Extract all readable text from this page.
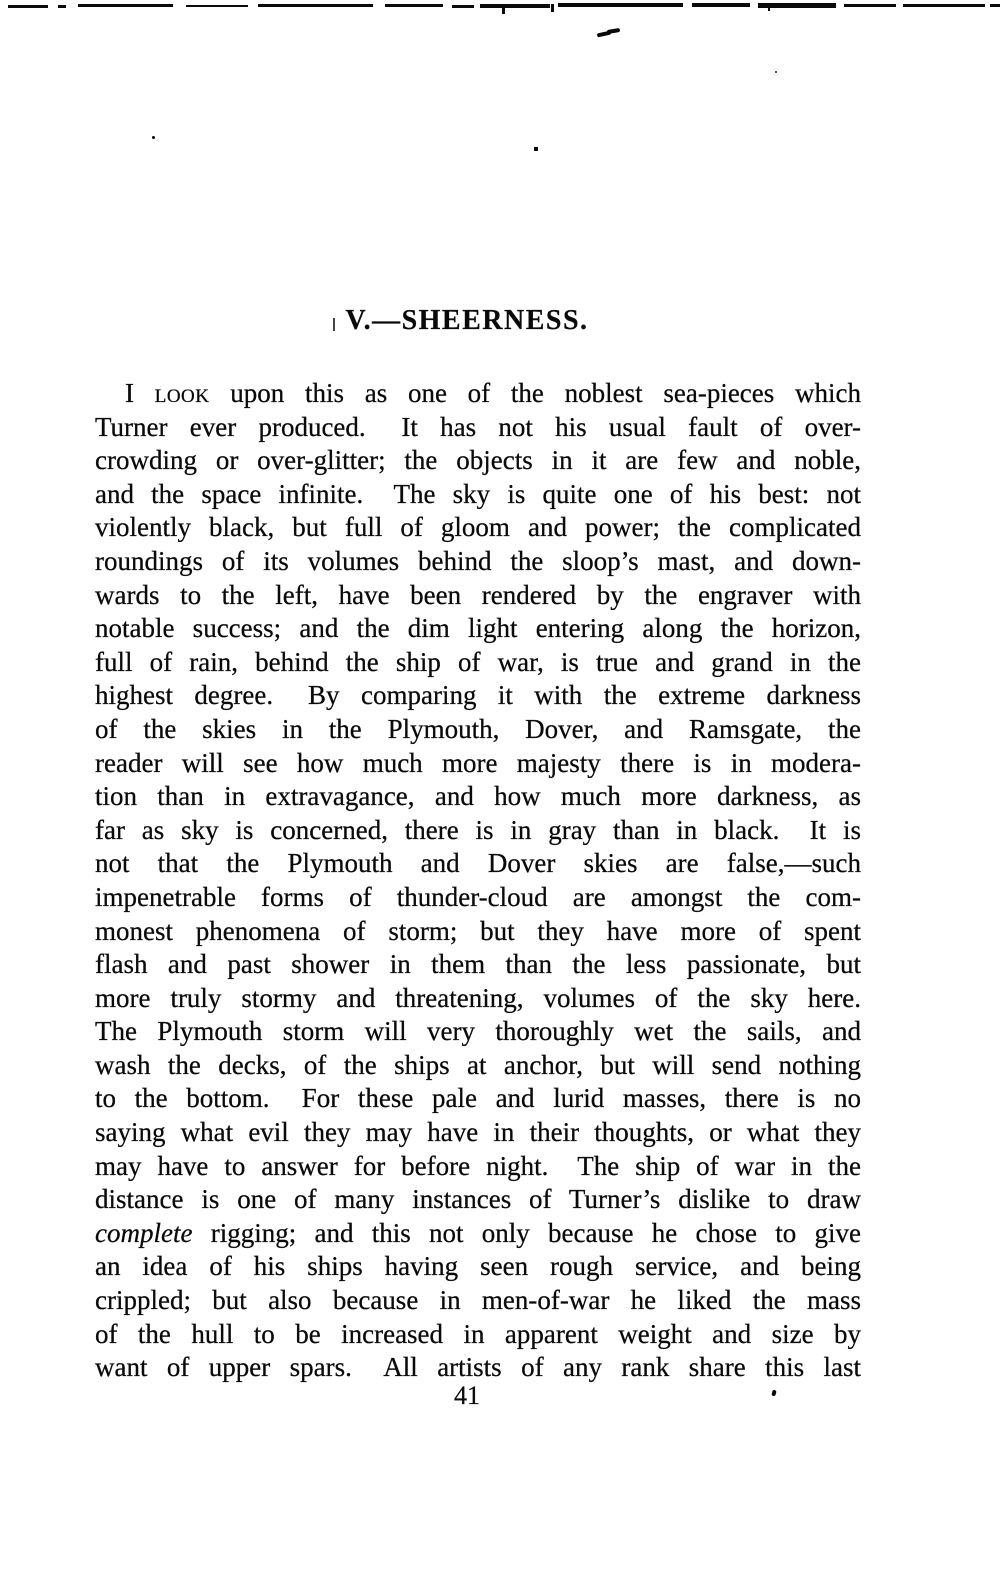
V.—SHEERNESS.
I look upon this as one of the noblest sea-pieces which
Turner ever produced.  It has not his usual fault of over-
crowding or over-glitter; the objects in it are few and noble,
and the space infinite.  The sky is quite one of his best: not
violently black, but full of gloom and power; the complicated
roundings of its volumes behind the sloop’s mast, and down-
wards to the left, have been rendered by the engraver with
notable success; and the dim light entering along the horizon,
full of rain, behind the ship of war, is true and grand in the
highest degree.  By comparing it with the extreme darkness
of the skies in the Plymouth, Dover, and Ramsgate, the
reader will see how much more majesty there is in modera-
tion than in extravagance, and how much more darkness, as
far as sky is concerned, there is in gray than in black.  It is
not that the Plymouth and Dover skies are false,—such
impenetrable forms of thunder-cloud are amongst the com-
monest phenomena of storm; but they have more of spent
flash and past shower in them than the less passionate, but
more truly stormy and threatening, volumes of the sky here.
The Plymouth storm will very thoroughly wet the sails, and
wash the decks, of the ships at anchor, but will send nothing
to the bottom.  For these pale and lurid masses, there is no
saying what evil they may have in their thoughts, or what they
may have to answer for before night.  The ship of war in the
distance is one of many instances of Turner’s dislike to draw
complete rigging; and this not only because he chose to give
an idea of his ships having seen rough service, and being
crippled; but also because in men-of-war he liked the mass
of the hull to be increased in apparent weight and size by
want of upper spars.  All artists of any rank share this last
41
